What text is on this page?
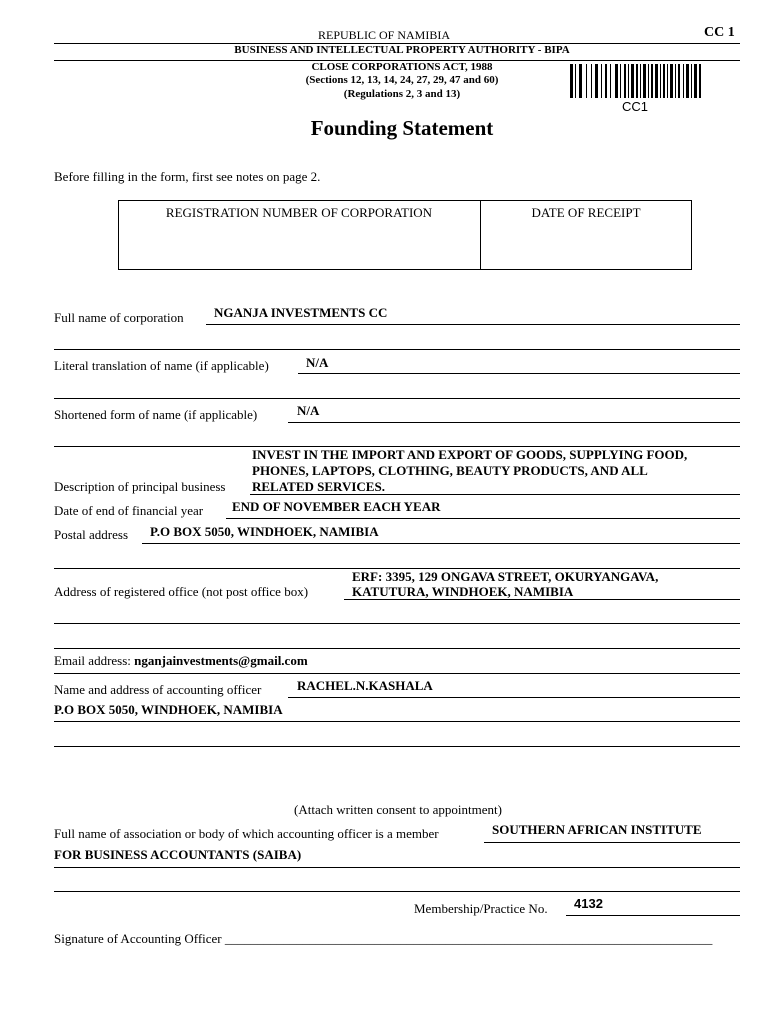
REPUBLIC OF NAMIBIA	CC 1
BUSINESS AND INTELLECTUAL PROPERTY AUTHORITY - BIPA
CLOSE CORPORATIONS ACT, 1988
(Sections 12, 13, 14, 24, 27, 29, 47 and 60)
(Regulations 2, 3 and 13)
CC1
Founding Statement
Before filling in the form, first see notes on page 2.
REGISTRATION NUMBER OF CORPORATION	DATE OF RECEIPT
Full name of corporation NGANJA INVESTMENTS CC
Literal translation of name (if applicable)	N/A
Shortened form of name (if applicable)	N/A
INVEST IN THE IMPORT AND EXPORT OF GOODS, SUPPLYING FOOD,
PHONES, LAPTOPS, CLOTHING, BEAUTY PRODUCTS, AND ALL
Description of principal business RELATED SERVICES.
Date of end of financial year END OF NOVEMBER EACH YEAR
Postal address P.O BOX 5050, WINDHOEK, NAMIBIA
ERF: 3395, 129 ONGAVA STREET, OKURYANGAVA,
Address of registered office (not post office box)	KATUTURA, WINDHOEK, NAMIBIA
Email address: nganjainvestments@gmail.com
Name and address of accounting officer	RACHEL.N.KASHALA
P.O BOX 5050, WINDHOEK, NAMIBIA
(Attach written consent to appointment)
Full name of association or body of which accounting officer is a member	SOUTHERN AFRICAN INSTITUTE
FOR BUSINESS ACCOUNTANTS (SAIBA)
Membership/Practice No. 4132
Signature of Accounting Officer ___________________________________________________________________________
